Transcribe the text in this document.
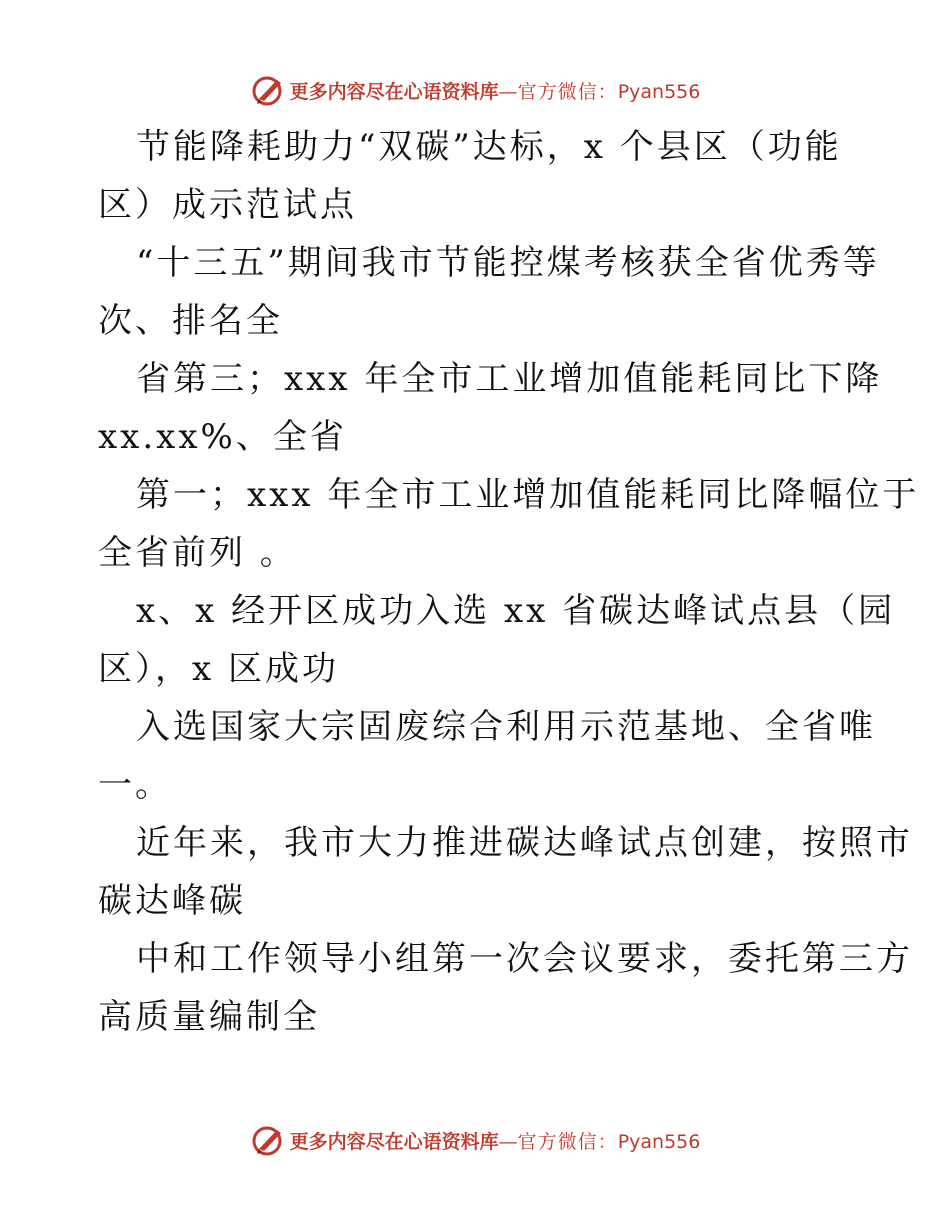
更多内容尽在心语资料库—官方微信：Pyan556
节能降耗助力“双碳”达标，x 个县区（功能
区）成示范试点
“十三五”期间我市节能控煤考核获全省优秀等
次、排名全
省第三；xxx 年全市工业增加值能耗同比下降
xx.xx%、全省
第一；xxx 年全市工业增加值能耗同比降幅位于
全省前列 。
x、x 经开区成功入选 xx 省碳达峰试点县（园
区），x 区成功
入选国家大宗固废综合利用示范基地、全省唯
一。
近年来，我市大力推进碳达峰试点创建，按照市
碳达峰碳
中和工作领导小组第一次会议要求，委托第三方
高质量编制全
更多内容尽在心语资料库—官方微信：Pyan556
